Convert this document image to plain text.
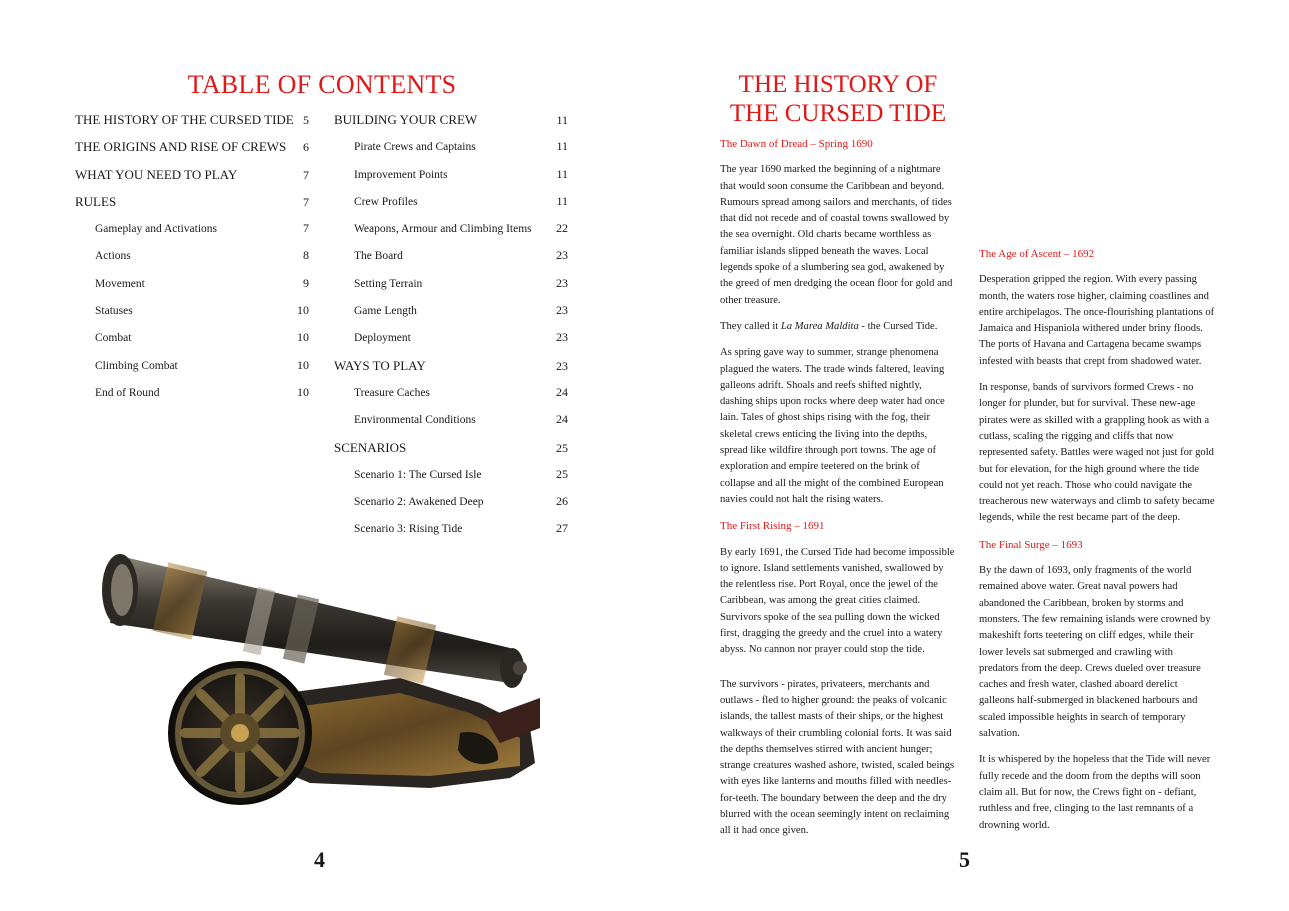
TABLE OF CONTENTS
THE HISTORY OF THE CURSED TIDE 5
THE ORIGINS AND RISE OF CREWS 6
WHAT YOU NEED TO PLAY	7
RULES	7
Gameplay and Activations	7
Actions	8
Movement	9
Statuses	10
Combat	10
Climbing Combat	10
End of Round	10
BUILDING YOUR CREW	11
Pirate Crews and Captains	11
Improvement Points	11
Crew Profiles	11
Weapons, Armour and Climbing Items 22
The Board	23
Setting Terrain	23
Game Length	23
Deployment	23
WAYS TO PLAY	23
Treasure Caches	24
Environmental Conditions	24
SCENARIOS	25
Scenario 1: The Cursed Isle	25
Scenario 2: Awakened Deep	26
Scenario 3: Rising Tide	27
4
THE HISTORY OF
THE CURSED TIDE
The Dawn of Dread – Spring 1690

The year 1690 marked the beginning of a nightmare that would soon consume the Caribbean and beyond. Rumours spread among sailors and merchants, of tides that did not recede and of coastal towns swallowed by the sea overnight. Old charts became worthless as familiar islands slipped beneath the waves. Local legends spoke of a slumbering sea god, awakened by the greed of men dredging the ocean floor for gold and other treasure.

They called it La Marea Maldita - the Cursed Tide.

As spring gave way to summer, strange phenomena plagued the waters. The trade winds faltered, leaving galleons adrift. Shoals and reefs shifted nightly, dashing ships upon rocks where deep water had once lain. Tales of ghost ships rising with the fog, their skeletal crews enticing the living into the depths, spread like wildfire through port towns. The age of exploration and empire teetered on the brink of collapse and all the might of the combined European navies could not halt the rising waters.

The First Rising – 1691

By early 1691, the Cursed Tide had become impossible to ignore. Island settlements vanished, swallowed by the relentless rise. Port Royal, once the jewel of the Caribbean, was among the great cities claimed. Survivors spoke of the sea pulling down the wicked first, dragging the greedy and the cruel into a watery abyss. No cannon nor prayer could stop the tide.

The survivors - pirates, privateers, merchants and outlaws - fled to higher ground: the peaks of volcanic islands, the tallest masts of their ships, or the highest walkways of their crumbling colonial forts. It was said the depths themselves stirred with ancient hunger; strange creatures washed ashore, twisted, scaled beings with eyes like lanterns and mouths filled with needles-for-teeth. The boundary between the deep and the dry blurred with the ocean seemingly intent on reclaiming all it had once given.

The Age of Ascent – 1692

Desperation gripped the region. With every passing month, the waters rose higher, claiming coastlines and entire archipelagos. The once-flourishing plantations of Jamaica and Hispaniola withered under briny floods. The ports of Havana and Cartagena became swamps infested with beasts that crept from shadowed water.

In response, bands of survivors formed Crews - no longer for plunder, but for survival. These new-age pirates were as skilled with a grappling hook as with a cutlass, scaling the rigging and cliffs that now represented safety. Battles were waged not just for gold but for elevation, for the high ground where the tide could not yet reach. Those who could navigate the treacherous new waterways and climb to safety became legends, while the rest became part of the deep.

The Final Surge – 1693

By the dawn of 1693, only fragments of the world remained above water. Great naval powers had abandoned the Caribbean, broken by storms and monsters. The few remaining islands were crowned by makeshift forts teetering on cliff edges, while their lower levels sat submerged and crawling with predators from the deep. Crews dueled over treasure caches and fresh water, clashed aboard derelict galleons half-submerged in blackened harbours and scaled impossible heights in search of temporary salvation.

It is whispered by the hopeless that the Tide will never fully recede and the doom from the depths will soon claim all. But for now, the Crews fight on - defiant, ruthless and free, clinging to the last remnants of a drowning world.

5
